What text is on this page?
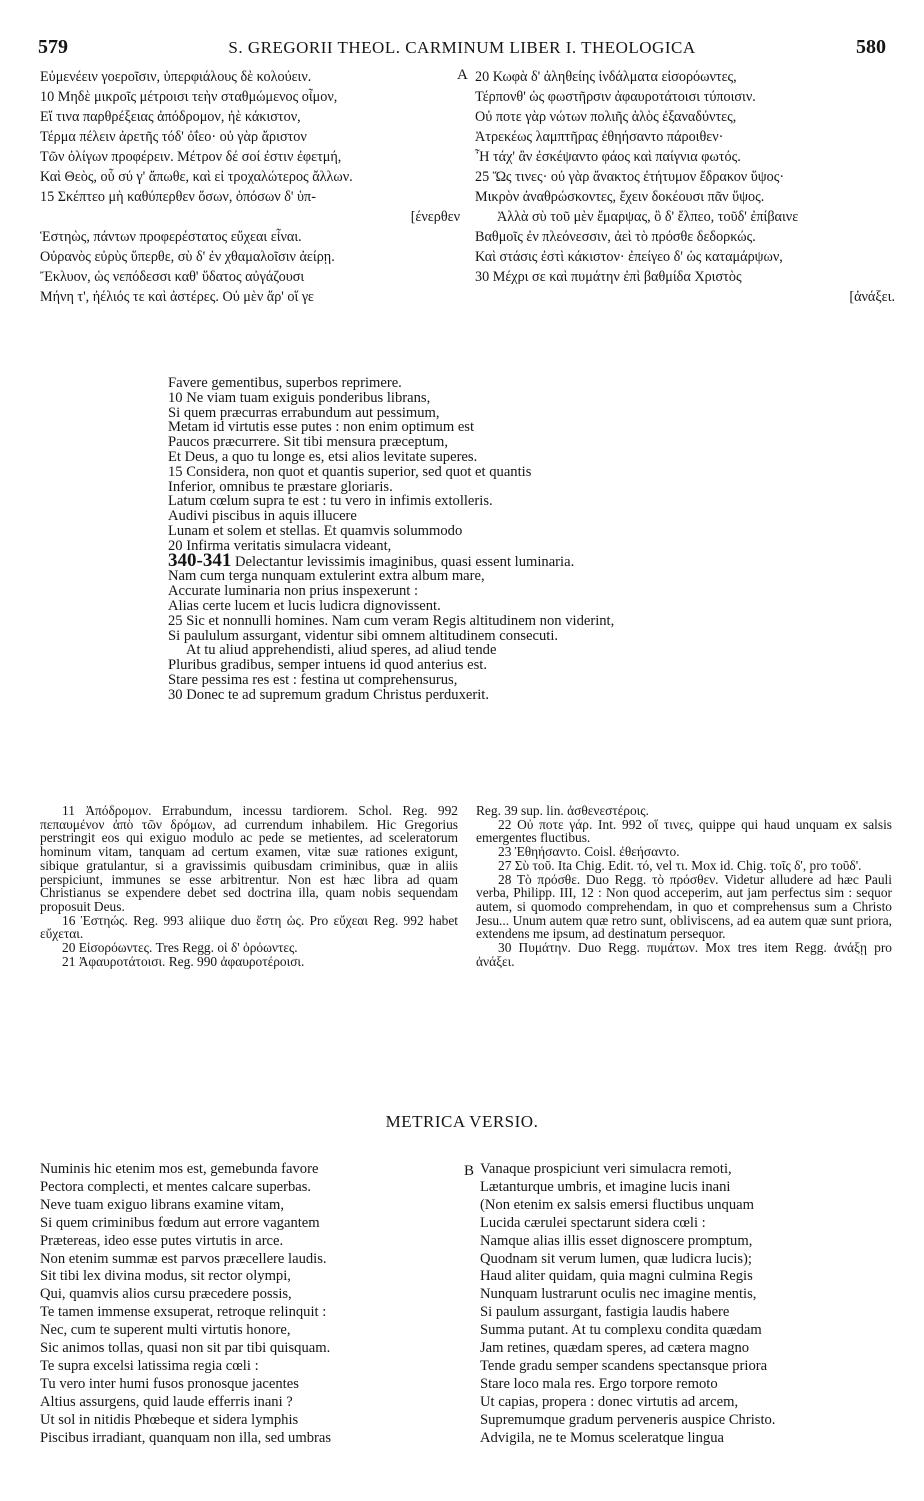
579	S. GREGORII THEOL. CARMINUM LIBER I. THEOLOGICA	580
Εὐμενέειν γοεροῖσιν, ὑπερφιάλους δὲ κολούειν.
10 Μηδὲ μικροῖς μέτροισι τεὴν σταθμώμενος οἶμον,
Εἴ τινα παρθρέξειας ἀπόδρομον, ἠὲ κάκιστον,
Τέρμα πέλειν ἀρετῆς τόδ' ὀΐεο· οὐ γὰρ ἄριστον
Τῶν ὀλίγων προφέρειν. Μέτρον δέ σοί ἐστιν ἐφετμή,
Καὶ Θεὸς, οὗ σύ γ' ἄπωθε, καὶ εἰ τροχαλώτερος ἄλλων.
15 Σκέπτεο μὴ καθύπερθεν ὅσων, ὁπόσων δ' ὑπ-
[ένερθεν
Ἑστηὼς, πάντων προφερέστατος εὔχεαι εἶναι.
Οὐρανὸς εὐρὺς ὕπερθε, σὺ δ' ἐν χθαμαλοῖσιν ἀείρῃ.
Ἔκλυον, ὡς νεπόδεσσι καθ' ὕδατος αὐγάζουσι
Μήνη τ', ἠέλιός τε καὶ ἀστέρες. Οὐ μὲν ἄρ' οἵ γε
A 20 Κωφὰ δ' ἀληθείης ἰνδάλματα εἰσορόωντες,
Τέρπονθ' ὡς φωστῆρσιν ἀφαυροτάτοισι τύποισιν.
Οὐ ποτε γὰρ νώτων πολιῆς ἁλὸς ἐξαναδύντες,
Ἀτρεκέως λαμπτῆρας ἐθηήσαντο πάροιθεν·
Ἦ τάχ' ἂν ἐσκέψαντο φάος καὶ παίγνια φωτός.
25 Ὥς τινες· οὐ γὰρ ἄνακτος ἐτήτυμον ἔδρακον ὕψος·
Μικρὸν ἀναθρώσκοντες, ἔχειν δοκέουσι πᾶν ὕψος.
Ἀλλὰ σὺ τοῦ μὲν ἔμαρψας, ὃ δ' ἔλπεο, τοῦδ' ἐπίβαινε
Βαθμοῖς ἐν πλεόνεσσιν, ἀεὶ τὸ πρόσθε δεδορκώς.
Καὶ στάσις ἐστὶ κάκιστον· ἐπείγεο δ' ὡς καταμάρψων,
30 Μέχρι σε καὶ πυμάτην ἐπὶ βαθμίδα Χριστὸς
[ἀνάξει.
Favere gementibus, superbos reprimere.
10 Ne viam tuam exiguis ponderibus librans,
Si quem præcurras errabundum aut pessimum,
Metam id virtutis esse putes : non enim optimum est
Paucos præcurrere. Sit tibi mensura præceptum,
Et Deus, a quo tu longe es, etsi alios levitate superes.
15 Considera, non quot et quantis superior, sed quot et quantis
Inferior, omnibus te præstare gloriaris.
Latum cœlum supra te est : tu vero in infimis extolleris.
Audivi piscibus in aquis illucere
Lunam et solem et stellas. Et quamvis solummodo
20 Infirma veritatis simulacra videant,
340-341 Delectantur levissimis imaginibus, quasi essent luminaria.
Nam cum terga nunquam extulerint extra album mare,
Accurate luminaria non prius inspexerunt :
Alias certe lucem et lucis ludicra dignovissent.
25 Sic et nonnulli homines. Nam cum veram Regis altitudinem non viderint,
Si paululum assurgant, videntur sibi omnem altitudinem consecuti.
At tu aliud apprehendisti, aliud speres, ad aliud tende
Pluribus gradibus, semper intuens id quod anterius est.
Stare pessima res est : festina ut comprehensurus,
30 Donec te ad supremum gradum Christus perduxerit.

11 Ἀπόδρομον. Errabundum, incessu tardiorem. Schol. Reg. 992 πεπαυμένον ἀπὸ τῶν δρόμων, ad currendum inhabilem. Hic Gregorius perstringit eos qui exiguo modulo ac pede se metientes, ad sceleratorum hominum vitam, tanquam ad certum examen, vitæ suæ rationes exigunt, sibique gratulantur, si a gravissimis quibusdam criminibus, quæ in aliis perspiciunt, immunes se esse arbitrentur. Non est hæc libra ad quam Christianus se expendere debet sed doctrina illa, quam nobis sequendam proposuit Deus.

16 Ἑστηώς. Reg. 993 aliique duo ἕστη ὡς. Pro εὔχεαι Reg. 992 habet εὔχεται.

20 Εἰσορόωντες. Tres Regg. οἱ δ' ὁρόωντες.

21 Ἀφαυροτάτοισι. Reg. 990 ἀφαυροτέροισι.

Reg. 39 sup. lin. ἀσθενεστέροις.

22 Οὐ ποτε γάρ. Int. 992 οἵ τινες, quippe qui haud unquam ex salsis emergentes fluctibus.

23 Ἐθηήσαντο. Coisl. ἐθεήσαντο.

27 Σὺ τοῦ. Ita Chig. Edit. τό, vel τι. Mox id. Chig. τοῖς δ', pro τοῦδ'.

28 Τὸ πρόσθε. Duo Regg. τὸ πρόσθεν. Videtur alludere ad hæc Pauli verba, Philipp. III, 12 : Non quod acceperim, aut jam perfectus sim : sequor autem, si quomodo comprehendam, in quo et comprehensus sum a Christo Jesu... Unum autem quæ retro sunt, obliviscens, ad ea autem quæ sunt priora, extendens me ipsum, ad destinatum persequor.

30 Πυμάτην. Duo Regg. πυμάτων. Mox tres item Regg. ἀνάξῃ pro ἀνάξει.

METRICA VERSIO.
Numinis hic etenim mos est, gemebunda favore
Pectora complecti, et mentes calcare superbas.
Neve tuam exiguo librans examine vitam,
Si quem criminibus fœdum aut errore vagantem
Prætereas, ideo esse putes virtutis in arce.
Non etenim summæ est parvos præcellere laudis.
Sit tibi lex divina modus, sit rector olympi,
Qui, quamvis alios cursu præcedere possis,
Te tamen immense exsuperat, retroque relinquit :
Nec, cum te superent multi virtutis honore,
Sic animos tollas, quasi non sit par tibi quisquam.
Te supra excelsi latissima regia cœli :
Tu vero inter humi fusos pronosque jacentes
Altius assurgens, quid laude efferris inani ?
Ut sol in nitidis Phœbeque et sidera lymphis
Piscibus irradiant, quanquam non illa, sed umbras
B Vanaque prospiciunt veri simulacra remoti,
Lætanturque umbris, et imagine lucis inani
(Non etenim ex salsis emersi fluctibus unquam
Lucida cærulei spectarunt sidera cœli :
Namque alias illis esset dignoscere promptum,
Quodnam sit verum lumen, quæ ludicra lucis);
Haud aliter quidam, quia magni culmina Regis
Nunquam lustrarunt oculis nec imagine mentis,
Si paulum assurgant, fastigia laudis habere
Summa putant. At tu complexu condita quædam
Jam retines, quædam speres, ad cætera magno
Tende gradu semper scandens spectansque priora
Stare loco mala res. Ergo torpore remoto
Ut capias, propera : donec virtutis ad arcem,
Supremumque gradum perveneris auspice Christo.
Advigila, ne te Momus sceleratque lingua
